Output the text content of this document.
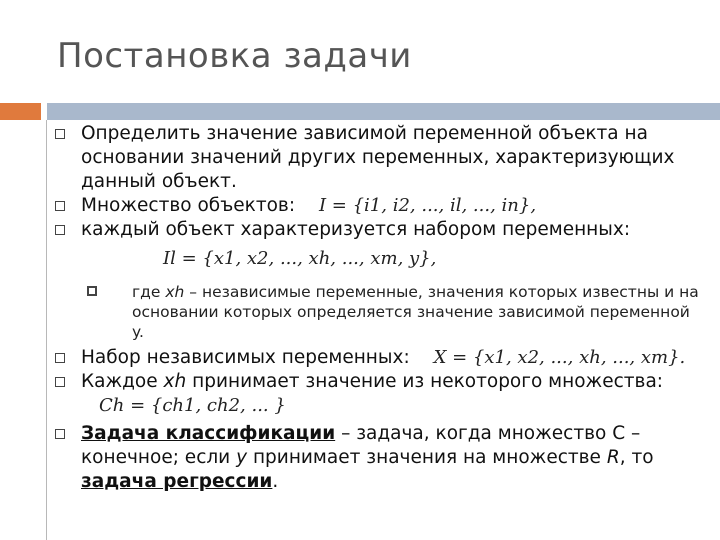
Постановка задачи
Определить значение зависимой переменной объекта на основании значений других переменных, характеризующих данный объект.
Множество объектов: I = {i1, i2, ..., il, ..., in},
каждый объект характеризуется набором переменных:
Il = {x1, x2, ..., xh, ..., xm, y},
где xh – независимые переменные, значения которых известны и на основании которых определяется значение зависимой переменной y.
Набор независимых переменных: X = {x1, x2, ..., xh, ..., xm}.
Каждое xh принимает значение из некоторого множества: Ch = {ch1, ch2, ... }
Задача классификации – задача, когда множество С – конечное; если y принимает значения на множестве R, то задача регрессии.
